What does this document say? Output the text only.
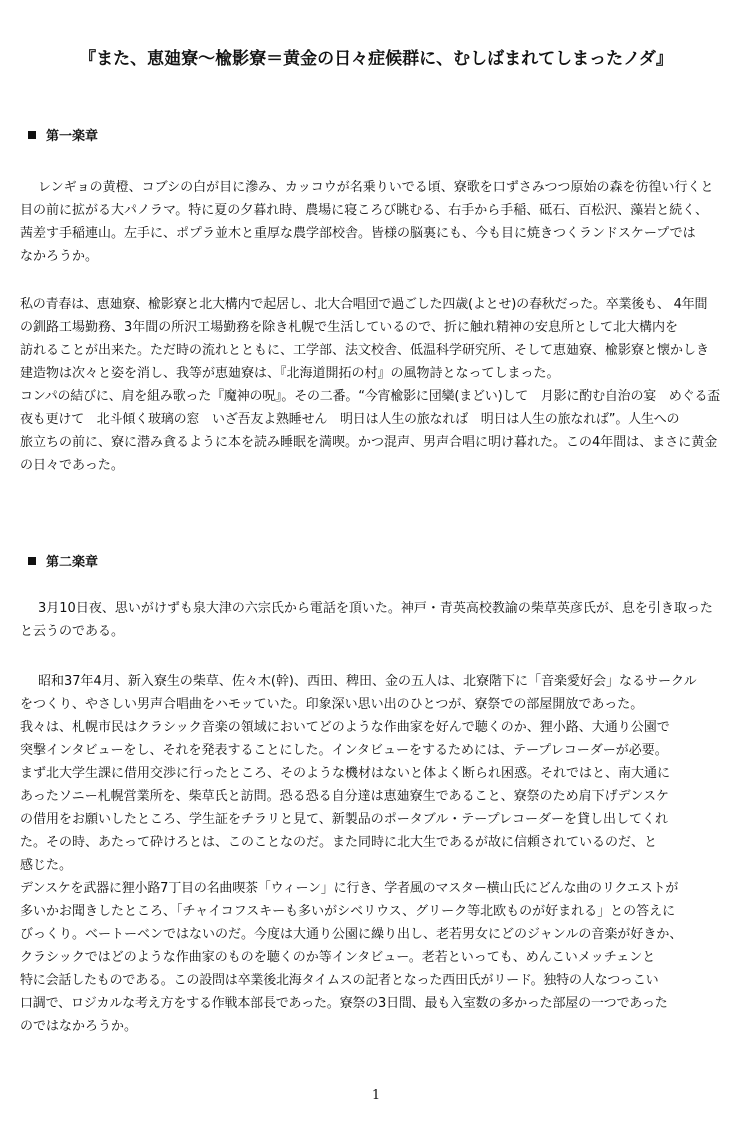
『また、恵廸寮～楡影寮＝黄金の日々症候群に、むしばまれてしまったノダ』
第一楽章
レンギョの黄橙、コブシの白が目に滲み、カッコウが名乗りいでる頃、寮歌を口ずさみつつ原始の森を彷徨い行くと
目の前に拡がる大パノラマ。特に夏の夕暮れ時、農場に寝ころび眺むる、右手から手稲、砥石、百松沢、藻岩と続く、
茜差す手稲連山。左手に、ポプラ並木と重厚な農学部校舎。皆様の脳裏にも、今も目に焼きつくランドスケープでは
なかろうか。
私の青春は、恵廸寮、楡影寮と北大構内で起居し、北大合唱団で過ごした四歳(よとせ)の春秋だった。卒業後も、 4年間
の釧路工場勤務、3年間の所沢工場勤務を除き札幌で生活しているので、折に触れ精神の安息所として北大構内を
訪れることが出来た。ただ時の流れとともに、工学部、法文校舎、低温科学研究所、そして恵廸寮、楡影寮と懐かしき
建造物は次々と姿を消し、我等が恵廸寮は、『北海道開拓の村』の風物詩となってしまった。
コンパの結びに、肩を組み歌った『魔神の呪』。その二番。“今宵楡影に団欒(まどい)して　月影に酌む自治の宴　めぐる盃
夜も更けて　北斗傾く玻璃の窓　いざ吾友よ熟睡せん　明日は人生の旅なれば　明日は人生の旅なれば”。人生への
旅立ちの前に、寮に潜み貪るように本を読み睡眠を満喫。かつ混声、男声合唱に明け暮れた。この4年間は、まさに黄金
の日々であった。
第二楽章
3月10日夜、思いがけずも泉大津の六宗氏から電話を頂いた。神戸・青英高校教諭の柴草英彦氏が、息を引き取った
と云うのである。
昭和37年4月、新入寮生の柴草、佐々木(幹)、西田、稗田、金の五人は、北寮階下に「音楽愛好会」なるサークル
をつくり、やさしい男声合唱曲をハモッていた。印象深い思い出のひとつが、寮祭での部屋開放であった。
我々は、札幌市民はクラシック音楽の領域においてどのような作曲家を好んで聴くのか、狸小路、大通り公園で
突撃インタビューをし、それを発表することにした。インタビューをするためには、テープレコーダーが必要。
まず北大学生課に借用交渉に行ったところ、そのような機材はないと体よく断られ困惑。それではと、南大通に
あったソニー札幌営業所を、柴草氏と訪問。恐る恐る自分達は恵廸寮生であること、寮祭のため肩下げデンスケ
の借用をお願いしたところ、学生証をチラリと見て、新製品のポータブル・テープレコーダーを貸し出してくれ
た。その時、あたって砕けろとは、このことなのだ。また同時に北大生であるが故に信頼されているのだ、と
感じた。
デンスケを武器に狸小路7丁目の名曲喫茶「ウィーン」に行き、学者風のマスター横山氏にどんな曲のリクエストが
多いかお聞きしたところ、「チャイコフスキーも多いがシベリウス、グリーク等北欧ものが好まれる」との答えに
びっくり。ベートーベンではないのだ。今度は大通り公園に繰り出し、老若男女にどのジャンルの音楽が好きか、
クラシックではどのような作曲家のものを聴くのか等インタビュー。老若といっても、めんこいメッチェンと
特に会話したものである。この設問は卒業後北海タイムスの記者となった西田氏がリード。独特の人なつっこい
口調で、ロジカルな考え方をする作戦本部長であった。寮祭の3日間、最も入室数の多かった部屋の一つであった
のではなかろうか。
1
